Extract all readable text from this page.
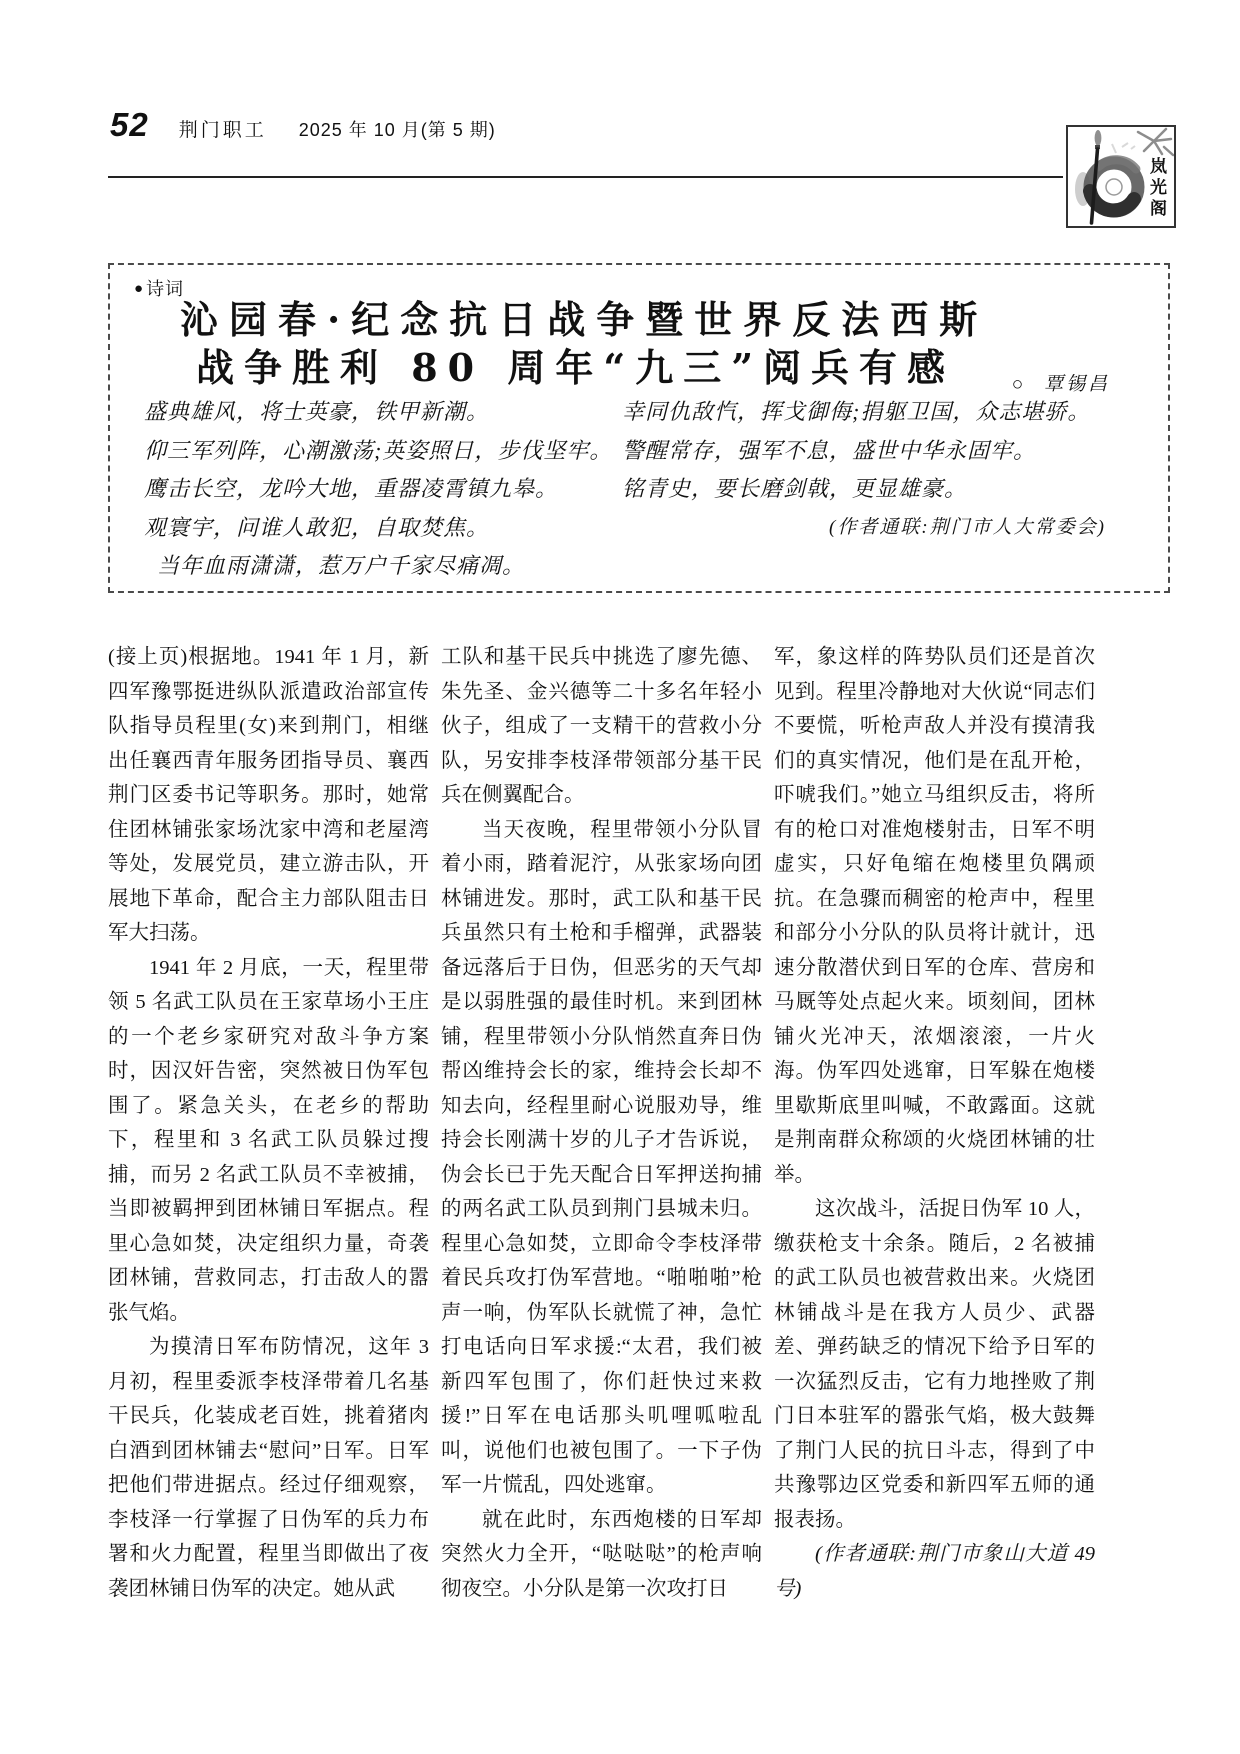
52 荆门职工 2025 年 10 月(第 5 期)
岚光阁
● 诗词
沁园春·纪念抗日战争暨世界反法西斯
战争胜利 80 周年“九三”阅兵有感	○ 覃锡昌
盛典雄风，将士英豪，铁甲新潮。
仰三军列阵，心潮激荡;英姿照日，步伐坚牢。
鹰击长空，龙吟大地，重器凌霄镇九皋。
观寰宇，问谁人敢犯，自取焚焦。
当年血雨潇潇，惹万户千家尽痛凋。
幸同仇敌忾，挥戈御侮;捐躯卫国，众志堪骄。
警醒常存，强军不息，盛世中华永固牢。
铭青史，要长磨剑戟，更显雄豪。
(作者通联:荆门市人大常委会)

(接上页)根据地。1941 年 1 月，新四军豫鄂挺进纵队派遣政治部宣传队指导员程里(女)来到荆门，相继出任襄西青年服务团指导员、襄西荆门区委书记等职务。那时，她常住团林铺张家场沈家中湾和老屋湾等处，发展党员，建立游击队，开展地下革命，配合主力部队阻击日军大扫荡。

1941 年 2 月底，一天，程里带领 5 名武工队员在王家草场小王庄的一个老乡家研究对敌斗争方案时，因汉奸告密，突然被日伪军包围了。紧急关头，在老乡的帮助下，程里和 3 名武工队员躲过搜捕，而另 2 名武工队员不幸被捕，当即被羁押到团林铺日军据点。程里心急如焚，决定组织力量，奇袭团林铺，营救同志，打击敌人的嚣张气焰。

为摸清日军布防情况，这年 3 月初，程里委派李枝泽带着几名基干民兵，化装成老百姓，挑着猪肉白酒到团林铺去“慰问”日军。日军把他们带进据点。经过仔细观察，李枝泽一行掌握了日伪军的兵力布署和火力配置，程里当即做出了夜袭团林铺日伪军的决定。她从武

工队和基干民兵中挑选了廖先德、朱先圣、金兴德等二十多名年轻小伙子，组成了一支精干的营救小分队，另安排李枝泽带领部分基干民兵在侧翼配合。

当天夜晚，程里带领小分队冒着小雨，踏着泥泞，从张家场向团林铺进发。那时，武工队和基干民兵虽然只有土枪和手榴弹，武器装备远落后于日伪，但恶劣的天气却是以弱胜强的最佳时机。来到团林铺，程里带领小分队悄然直奔日伪帮凶维持会长的家，维持会长却不知去向，经程里耐心说服劝导，维持会长刚满十岁的儿子才告诉说，伪会长已于先天配合日军押送拘捕的两名武工队员到荆门县城未归。程里心急如焚，立即命令李枝泽带着民兵攻打伪军营地。“啪啪啪”枪声一响，伪军队长就慌了神，急忙打电话向日军求援:“太君，我们被新四军包围了，你们赶快过来救援!”日军在电话那头叽哩呱啦乱叫，说他们也被包围了。一下子伪军一片慌乱，四处逃窜。

就在此时，东西炮楼的日军却突然火力全开，“哒哒哒”的枪声响彻夜空。小分队是第一次攻打日

军，象这样的阵势队员们还是首次见到。程里冷静地对大伙说“同志们不要慌，听枪声敌人并没有摸清我们的真实情况，他们是在乱开枪，吓唬我们。”她立马组织反击，将所有的枪口对准炮楼射击，日军不明虚实，只好龟缩在炮楼里负隅顽抗。在急骤而稠密的枪声中，程里和部分小分队的队员将计就计，迅速分散潜伏到日军的仓库、营房和马厩等处点起火来。顷刻间，团林铺火光冲天，浓烟滚滚，一片火海。伪军四处逃窜，日军躲在炮楼里歇斯底里叫喊，不敢露面。这就是荆南群众称颂的火烧团林铺的壮举。

这次战斗，活捉日伪军 10 人，缴获枪支十余条。随后，2 名被捕的武工队员也被营救出来。火烧团林铺战斗是在我方人员少、武器差、弹药缺乏的情况下给予日军的一次猛烈反击，它有力地挫败了荆门日本驻军的嚣张气焰，极大鼓舞了荆门人民的抗日斗志，得到了中共豫鄂边区党委和新四军五师的通报表扬。

(作者通联:荆门市象山大道 49 号)
